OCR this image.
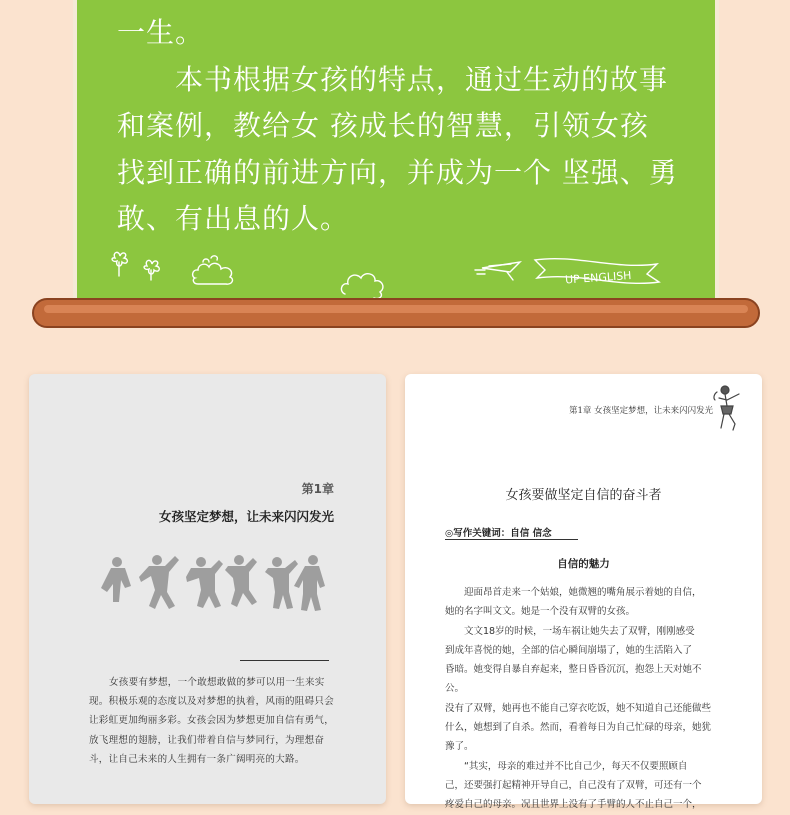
一生。

本书根据女孩的特点，通过生动的故事

和案例，教给女 孩成长的智慧，引领女孩

找到正确的前进方向，并成为一个 坚强、勇

敢、有出息的人。

UP ENGLISH
第1章
女孩坚定梦想，让未来闪闪发光

女孩要有梦想，一个敢想敢做的梦可以用一生来实

现。积极乐观的态度以及对梦想的执着，风雨的阻碍只会

让彩虹更加绚丽多彩。女孩会因为梦想更加自信有勇气，

放飞理想的翅膀，让我们带着自信与梦同行，为理想奋

斗，让自己未来的人生拥有一条广阔明亮的大路。

第1章 女孩坚定梦想，让未来闪闪发光
女孩要做坚定自信的奋斗者
◎写作关键词：自信 信念
自信的魅力

迎面昂首走来一个姑娘，她微翘的嘴角展示着她的自信，

她的名字叫文文。她是一个没有双臂的女孩。

文文18岁的时候，一场车祸让她失去了双臂，刚刚感受

到成年喜悦的她，全部的信心瞬间崩塌了，她的生活陷入了

昏暗。她变得自暴自弃起来，整日昏昏沉沉，抱怨上天对她不公。

没有了双臂，她再也不能自己穿衣吃饭，她不知道自己还能做些

什么，她想到了自杀。然而，看着每日为自己忙碌的母亲，她犹

豫了。

“其实，母亲的难过并不比自己少，每天不仅要照顾自

己，还要强打起精神开导自己，自己没有了双臂，可还有一个

疼爱自己的母亲。况且世界上没有了手臂的人不止自己一个，
